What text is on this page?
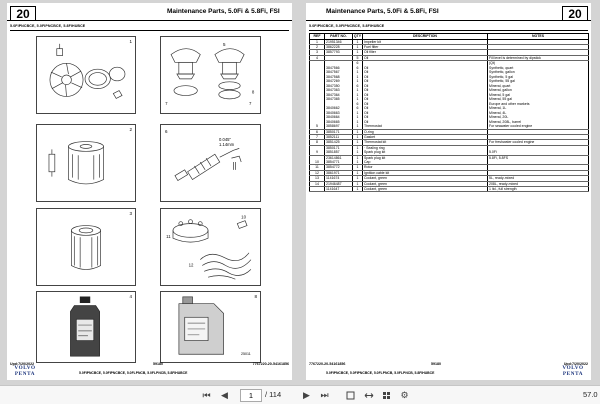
20	Maintenance Parts, 5.0Fi & 5.8Fi, FSI
5.0FIPNCBCE, 5.0FIPNCBCE, 5.8FIHUBCE
1
5
7
8
7
2	6
0.045"
1.14mm
3
11
10
12
4	8
25011
Upd:7/20/2022	59180	7767220-20-54161856
5.0FIPNCBCE, 5.0FIPNCBCE, 5.0FLPNCB, 5.0FLPNCB, 5.8FIHUBCE
VOLVO
PENTA
Maintenance Parts, 5.0Fi & 5.8Fi, FSI	20
5.0FIPNCBCE, 5.0FIPNCBCE, 5.8FIHUBCE
REF	PART NO.	QTY	DESCRIPTION	NOTES
1	21951346	1	Impeller kit	
2	3862228	1	Fuel filter	
3	3857793	1	Oil filter	
4		5	Oil	Fill level is determined by dipstick
		6		(Qt)
	3847566	6	Oil	Synthetic, quart
	3847567	1	Oil	Synthetic, gallon
	3847568	1	Oil	Synthetic, 5 gal
	3847269	1	Oil	Synthetic, 55 gal
	3847350	6	Oil	Mineral, quart
	3847363	1	Oil	Mineral, gallon
	3847364	1	Oil	Mineral, 5 gal
	3847365	1	Oil	Mineral, 55 gal
		6	Oil	Europe and other markets
	3840662	6	Oil	Mineral, 1L
	3840663	1	Oil	Mineral, 4L
	3840664	1	Oil	Mineral, 20L
	3840665	1	Oil	Mineral, 208L, barrel
5	3858697	1	Thermostat	For seawater cooled engine
6	3850171	1	O-ring	
7	3852111	1	Gasket	
8	3851425	1	Thermostat kit	For freshwater cooled engine
	3850171	1	· Sealing ring	
9	3851857	1	Spark plug kit	5.0Fi
	23614861	1	Spark plug kit	5.8Fi, 5.8FS
10	3854771	1	Cap	
11	3854772	1	Rotor	
12	3861971	1	Ignition cable kit	
13	1141674	1	Coolant, green	5L, ready-mixed
14	21946487	1	Coolant, green	208L, ready-mixed
	1141647	1	Coolant, green	1 ltd., full strength
7767220-20-54161856	59180	Upd:7/20/2022
5.0FIPNCBCE, 5.0FIPNCBCE, 5.0FLPNCB, 5.0FLPNCB, 5.8FIHUBCE
VOLVO
PENTA
⏮	◀	1	/ 114	▶	⏭	⚙	57.0
